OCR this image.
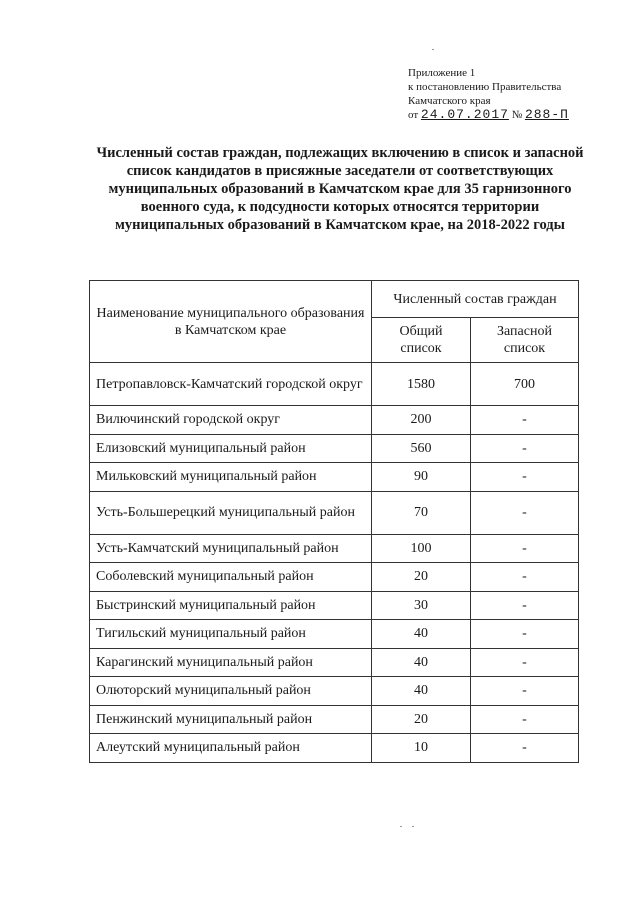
Приложение 1
к постановлению Правительства
Камчатского края
от 24.07.2017 № 288-П
Численный состав граждан, подлежащих включению в список и запасной список кандидатов в присяжные заседатели от соответствующих муниципальных образований в Камчатском крае для 35 гарнизонного военного суда, к подсудности которых относятся территории муниципальных образований в Камчатском крае, на 2018-2022 годы
Наименование муниципального образования в Камчатском крае	Численный состав граждан	
	Общий список	Запасной список
Петропавловск-Камчатский городской округ	1580	700
Вилючинский городской округ	200	-
Елизовский муниципальный район	560	-
Мильковский муниципальный район	90	-
Усть-Большерецкий муниципальный район	70	-
Усть-Камчатский муниципальный район	100	-
Соболевский муниципальный район	20	-
Быстринский муниципальный район	30	-
Тигильский муниципальный район	40	-
Карагинский муниципальный район	40	-
Олюторский муниципальный район	40	-
Пенжинский муниципальный район	20	-
Алеутский муниципальный район	10	-
